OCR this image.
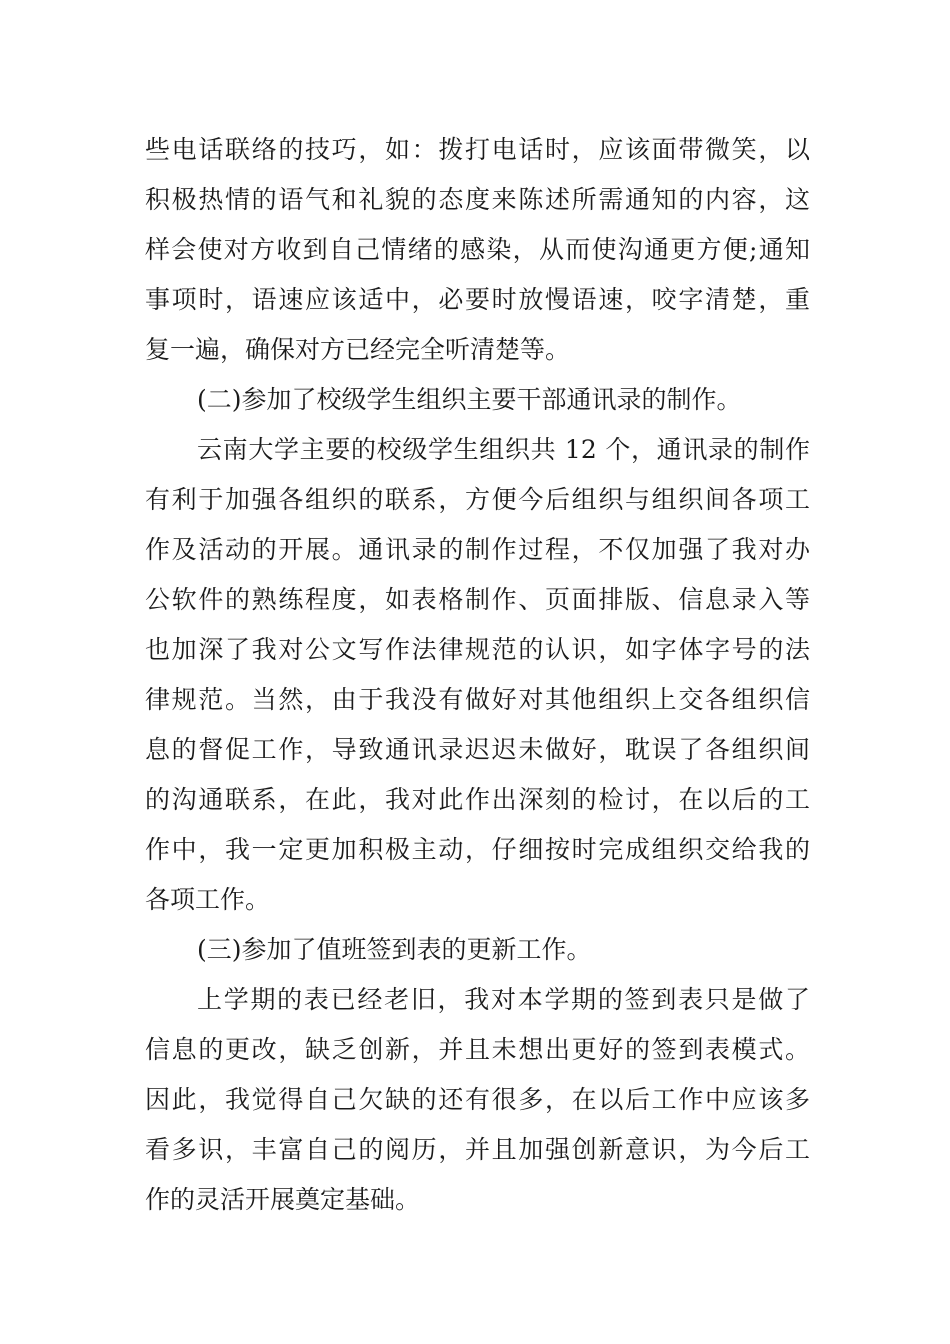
些电话联络的技巧，如：拨打电话时，应该面带微笑，以
积极热情的语气和礼貌的态度来陈述所需通知的内容，这
样会使对方收到自己情绪的感染，从而使沟通更方便;通知
事项时，语速应该适中，必要时放慢语速，咬字清楚，重
复一遍，确保对方已经完全听清楚等。
(二)参加了校级学生组织主要干部通讯录的制作。
云南大学主要的校级学生组织共 12 个，通讯录的制作
有利于加强各组织的联系，方便今后组织与组织间各项工
作及活动的开展。通讯录的制作过程，不仅加强了我对办
公软件的熟练程度，如表格制作、页面排版、信息录入等
也加深了我对公文写作法律规范的认识，如字体字号的法
律规范。当然，由于我没有做好对其他组织上交各组织信
息的督促工作，导致通讯录迟迟未做好，耽误了各组织间
的沟通联系，在此，我对此作出深刻的检讨，在以后的工
作中，我一定更加积极主动，仔细按时完成组织交给我的
各项工作。
(三)参加了值班签到表的更新工作。
上学期的表已经老旧，我对本学期的签到表只是做了
信息的更改，缺乏创新，并且未想出更好的签到表模式。
因此，我觉得自己欠缺的还有很多，在以后工作中应该多
看多识，丰富自己的阅历，并且加强创新意识，为今后工
作的灵活开展奠定基础。
